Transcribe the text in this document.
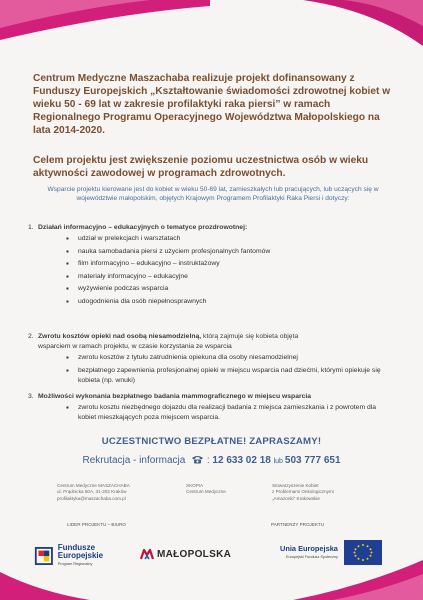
Centrum Medyczne Maszachaba realizuje projekt dofinansowany z Funduszy Europejskich „Kształtowanie świadomości zdrowotnej kobiet w wieku 50 - 69 lat w zakresie profilaktyki raka piersi” w ramach Regionalnego Programu Operacyjnego Województwa Małopolskiego na lata 2014-2020.
Celem projektu jest zwiększenie poziomu uczestnictwa osób w wieku aktywności zawodowej w programach zdrowotnych.
Wsparcie projektu kierowane jest do kobiet w wieku 50-69 lat, zamieszkałych lub pracujących, lub uczących się w województwie małopolskim, objętych Krajowym Programem Profilaktyki Raka Piersi i dotyczy:
1. Działań informacyjno – edukacyjnych o tematyce prozdrowotnej:
▪ udział w prelekcjach i warsztatach
▪ nauka samobadania piersi z użyciem profesjonalnych fantomów
▪ film informacyjno – edukacyjno – instruktażowy
▪ materiały informacyjno – edukacyjne
▪ wyżywienie podczas wsparcia
▪ udogodnienia dla osób niepełnosprawnych
2. Zwrotu kosztów opieki nad osobą niesamodzielną, którą zajmuje się kobieta objęta
wsparciem w ramach projektu, w czasie korzystania ze wsparcia
▪ zwrotu kosztów z tytułu zatrudnienia opiekuna dla osoby niesamodzielnej
▪ bezpłatnego zapewnienia profesjonalnej opieki w miejscu wsparcia nad dziećmi, którymi opiekuje się kobieta (np. wnuki)
3. Możliwości wykonania bezpłatnego badania mammograficznego w miejscu wsparcia
▪ zwrotu kosztu niezbędnego dojazdu dla realizacji badania z miejsca zamieszkania i z powrotem dla kobiet mieszkających poza miejscem wsparcia.
UCZESTNICTWO BEZPŁATNE! ZAPRASZAMY!
Rekrutacja - informacja  : 12 633 02 18 lub 503 777 651
Centrum Medyczne MASZACHABA
ul. Prądnicka 50A, 31-202 Kraków
profilaktyka@maszachaba.com.pl
SKOPIA
Centrum Medyczne
Stowarzyszenie Kobiet
z Problemami Onkologicznymi
„Amazonki” Krakowskie
LIDER PROJEKTU – BIURO	PARTNERZY PROJEKTU
Fundusze Europejskie
Program Regionalny
MAŁOPOLSKA
Unia Europejska
Europejski Fundusz Społeczny
